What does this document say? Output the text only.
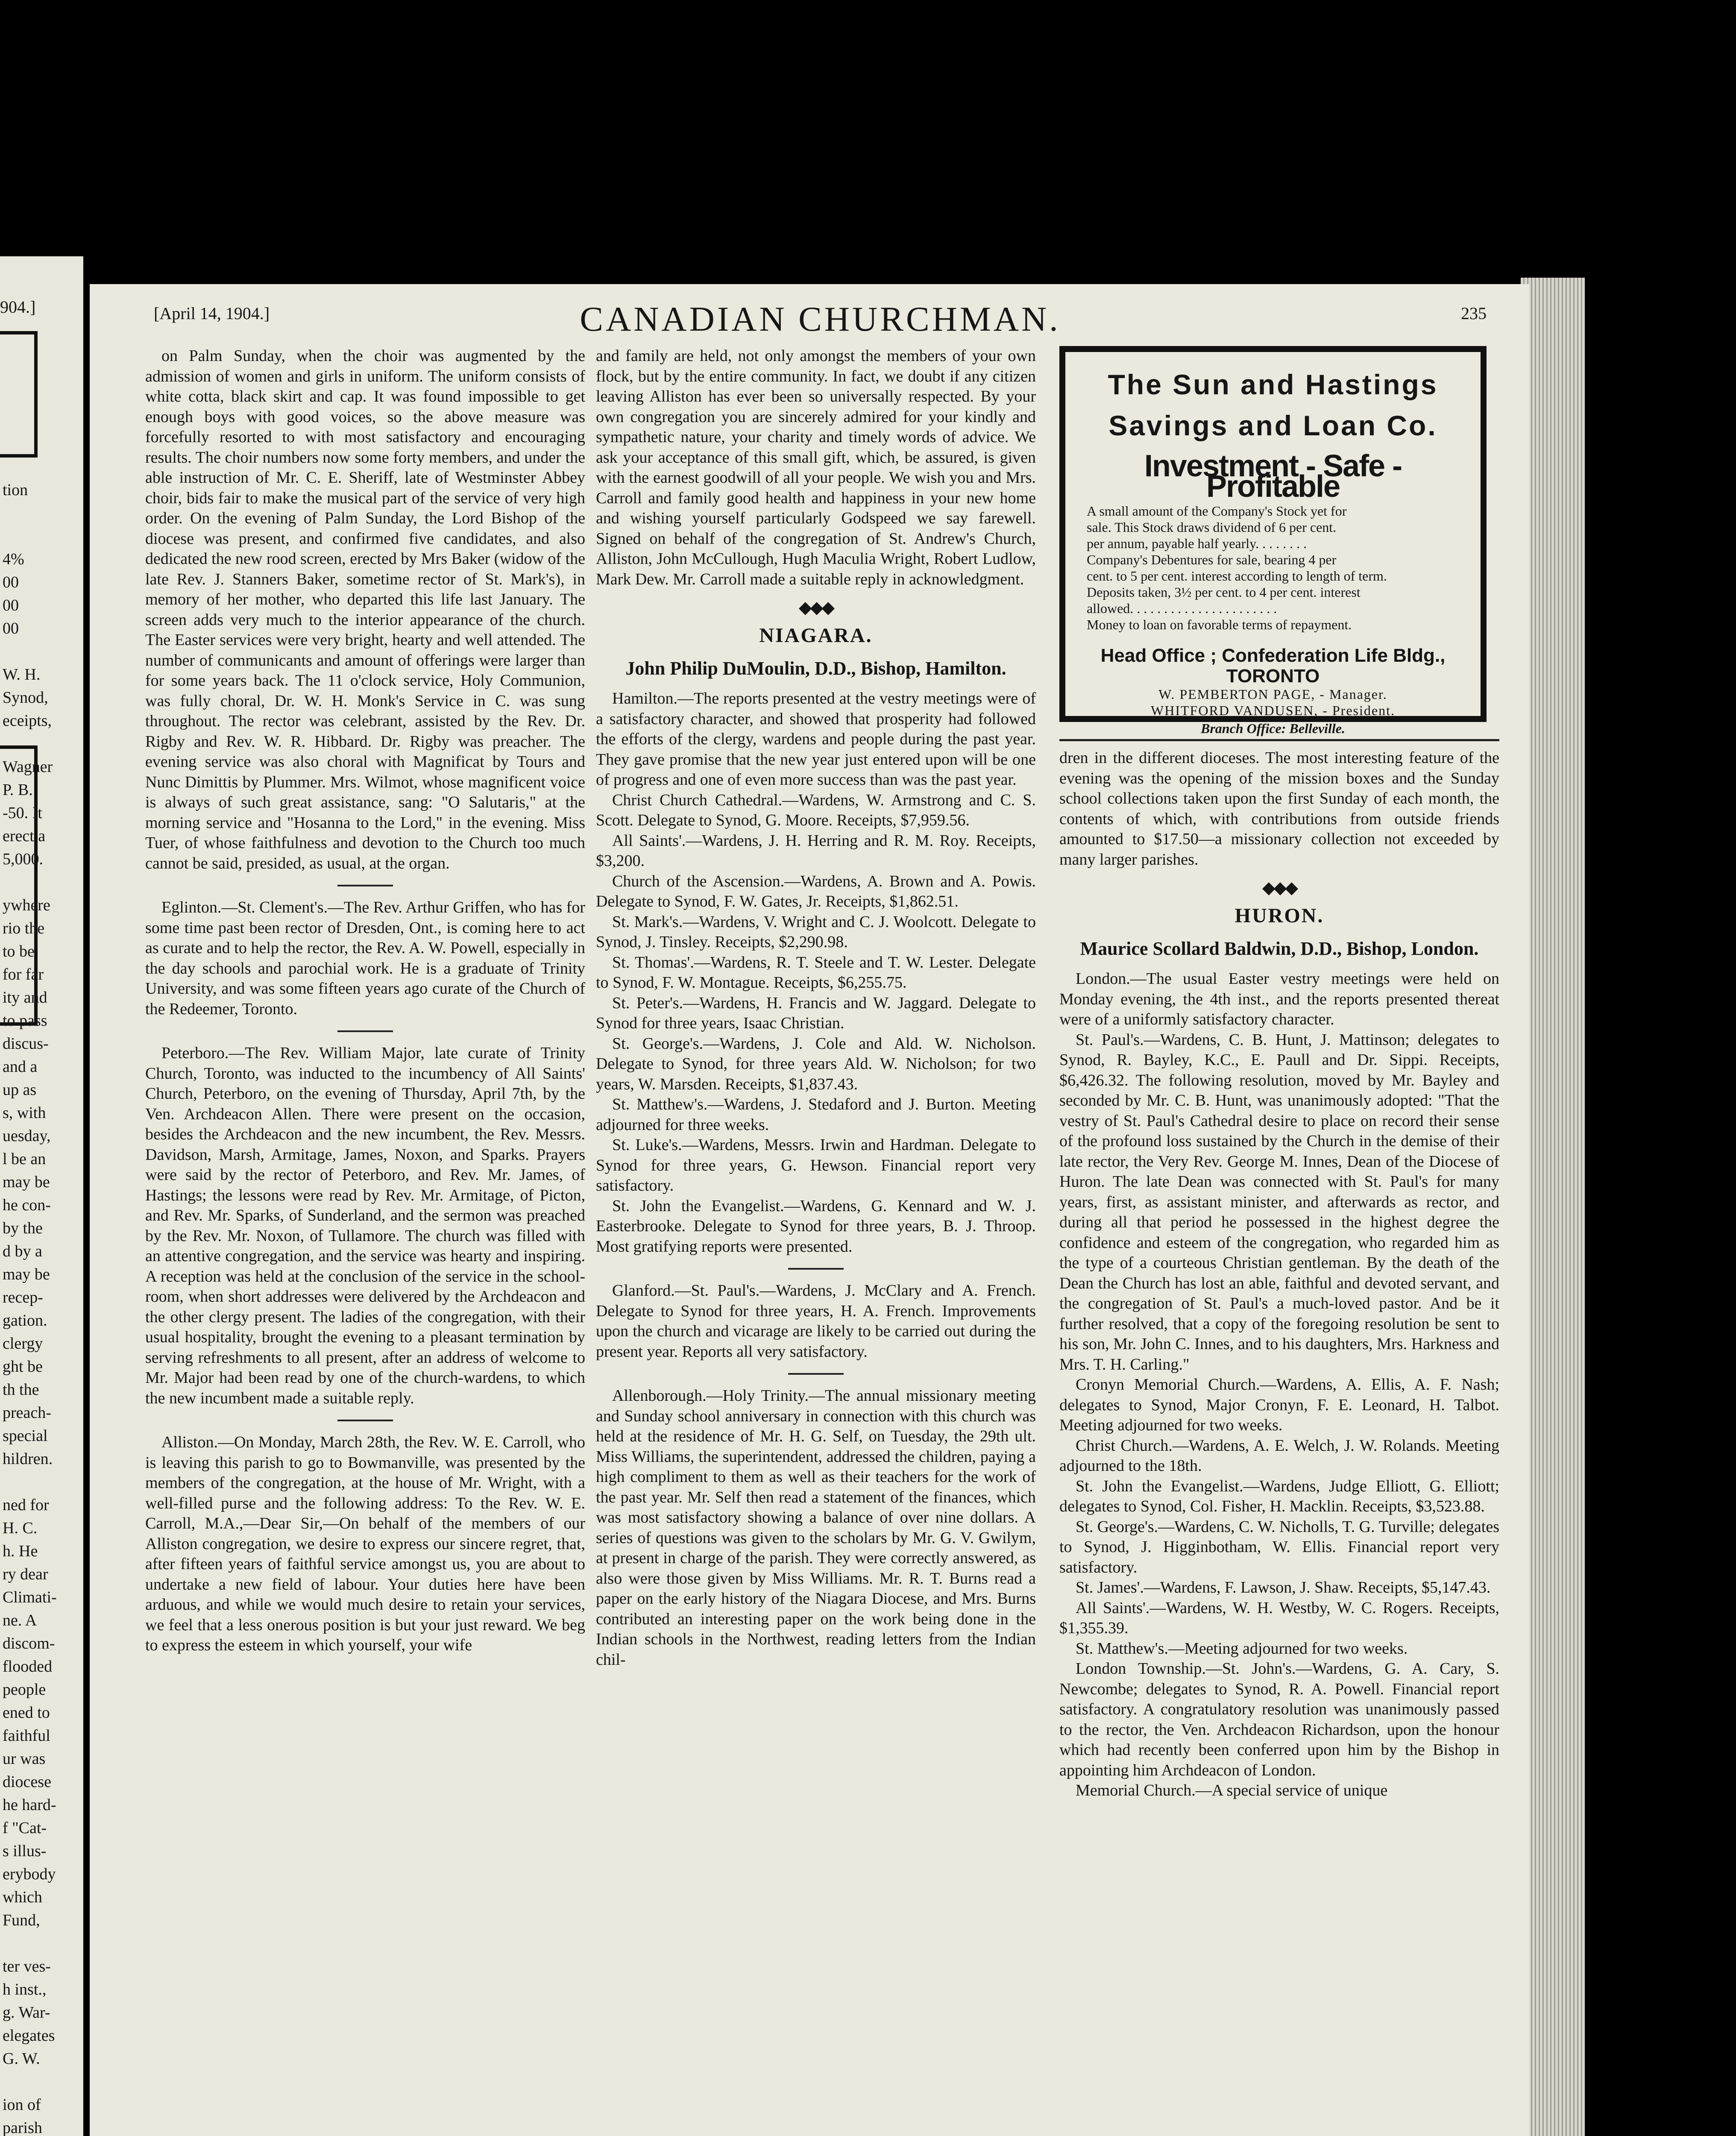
904.]
tion
4%
00
00
00
W. H.
Synod,
eceipts,
Wagner
P. B.
-50. It
erect a
5,000.
ywhere
rio the
to be
for far
ity and
to pass
discus-
and a
up as
s, with
uesday,
l be an
may be
he con-
by the
d by a
may be
recep-
gation.
clergy
ght be
th the
preach-
special
hildren.
ned for
H. C.
h. He
ry dear
Climati-
ne. A
discom-
flooded
people
ened to
faithful
ur was
diocese
he hard-
f "Cat-
s illus-
erybody
which
Fund,
ter ves-
h inst.,
g. War-
elegates
G. W.
ion of
parish
[April 14, 1904.]	CANADIAN CHURCHMAN.	235

on Palm Sunday, when the choir was augmented by the admission of women and girls in uniform. The uniform consists of white cotta, black skirt and cap. It was found impossible to get enough boys with good voices, so the above measure was forcefully resorted to with most satisfactory and encouraging results. The choir numbers now some forty members, and under the able instruction of Mr. C. E. Sheriff, late of Westminster Abbey choir, bids fair to make the musical part of the service of very high order. On the evening of Palm Sunday, the Lord Bishop of the diocese was present, and confirmed five candidates, and also dedicated the new rood screen, erected by Mrs Baker (widow of the late Rev. J. Stanners Baker, sometime rector of St. Mark's), in memory of her mother, who departed this life last January. The screen adds very much to the interior appearance of the church. The Easter services were very bright, hearty and well attended. The number of communicants and amount of offerings were larger than for some years back. The 11 o'clock service, Holy Communion, was fully choral, Dr. W. H. Monk's Service in C. was sung throughout. The rector was celebrant, assisted by the Rev. Dr. Rigby and Rev. W. R. Hibbard. Dr. Rigby was preacher. The evening service was also choral with Magnificat by Tours and Nunc Dimittis by Plummer. Mrs. Wilmot, whose magnificent voice is always of such great assistance, sang: "O Salutaris," at the morning service and "Hosanna to the Lord," in the evening. Miss Tuer, of whose faithfulness and devotion to the Church too much cannot be said, presided, as usual, at the organ.

Eglinton.—St. Clement's.—The Rev. Arthur Griffen, who has for some time past been rector of Dresden, Ont., is coming here to act as curate and to help the rector, the Rev. A. W. Powell, especially in the day schools and parochial work. He is a graduate of Trinity University, and was some fifteen years ago curate of the Church of the Redeemer, Toronto.

Peterboro.—The Rev. William Major, late curate of Trinity Church, Toronto, was inducted to the incumbency of All Saints' Church, Peterboro, on the evening of Thursday, April 7th, by the Ven. Archdeacon Allen. There were present on the occasion, besides the Archdeacon and the new incumbent, the Rev. Messrs. Davidson, Marsh, Armitage, James, Noxon, and Sparks. Prayers were said by the rector of Peterboro, and Rev. Mr. James, of Hastings; the lessons were read by Rev. Mr. Armitage, of Picton, and Rev. Mr. Sparks, of Sunderland, and the sermon was preached by the Rev. Mr. Noxon, of Tullamore. The church was filled with an attentive congregation, and the service was hearty and inspiring. A reception was held at the conclusion of the service in the school-room, when short addresses were delivered by the Archdeacon and the other clergy present. The ladies of the congregation, with their usual hospitality, brought the evening to a pleasant termination by serving refreshments to all present, after an address of welcome to Mr. Major had been read by one of the church-wardens, to which the new incumbent made a suitable reply.

Alliston.—On Monday, March 28th, the Rev. W. E. Carroll, who is leaving this parish to go to Bowmanville, was presented by the members of the congregation, at the house of Mr. Wright, with a well-filled purse and the following address: To the Rev. W. E. Carroll, M.A.,—Dear Sir,—On behalf of the members of our Alliston congregation, we desire to express our sincere regret, that, after fifteen years of faithful service amongst us, you are about to undertake a new field of labour. Your duties here have been arduous, and while we would much desire to retain your services, we feel that a less onerous position is but your just reward. We beg to express the esteem in which yourself, your wife

and family are held, not only amongst the members of your own flock, but by the entire community. In fact, we doubt if any citizen leaving Alliston has ever been so universally respected. By your own congregation you are sincerely admired for your kindly and sympathetic nature, your charity and timely words of advice. We ask your acceptance of this small gift, which, be assured, is given with the earnest goodwill of all your people. We wish you and Mrs. Carroll and family good health and happiness in your new home and wishing yourself particularly Godspeed we say farewell. Signed on behalf of the congregation of St. Andrew's Church, Alliston, John McCullough, Hugh Maculia Wright, Robert Ludlow, Mark Dew. Mr. Carroll made a suitable reply in acknowledgment.

◆◆◆
NIAGARA.
John Philip DuMoulin, D.D., Bishop, Hamilton.

Hamilton.—The reports presented at the vestry meetings were of a satisfactory character, and showed that prosperity had followed the efforts of the clergy, wardens and people during the past year. They gave promise that the new year just entered upon will be one of progress and one of even more success than was the past year.

Christ Church Cathedral.—Wardens, W. Armstrong and C. S. Scott. Delegate to Synod, G. Moore. Receipts, $7,959.56.

All Saints'.—Wardens, J. H. Herring and R. M. Roy. Receipts, $3,200.

Church of the Ascension.—Wardens, A. Brown and A. Powis. Delegate to Synod, F. W. Gates, Jr. Receipts, $1,862.51.

St. Mark's.—Wardens, V. Wright and C. J. Woolcott. Delegate to Synod, J. Tinsley. Receipts, $2,290.98.

St. Thomas'.—Wardens, R. T. Steele and T. W. Lester. Delegate to Synod, F. W. Montague. Receipts, $6,255.75.

St. Peter's.—Wardens, H. Francis and W. Jaggard. Delegate to Synod for three years, Isaac Christian.

St. George's.—Wardens, J. Cole and Ald. W. Nicholson. Delegate to Synod, for three years Ald. W. Nicholson; for two years, W. Marsden. Receipts, $1,837.43.

St. Matthew's.—Wardens, J. Stedaford and J. Burton. Meeting adjourned for three weeks.

St. Luke's.—Wardens, Messrs. Irwin and Hardman. Delegate to Synod for three years, G. Hewson. Financial report very satisfactory.

St. John the Evangelist.—Wardens, G. Kennard and W. J. Easterbrooke. Delegate to Synod for three years, B. J. Throop. Most gratifying reports were presented.

Glanford.—St. Paul's.—Wardens, J. McClary and A. French. Delegate to Synod for three years, H. A. French. Improvements upon the church and vicarage are likely to be carried out during the present year. Reports all very satisfactory.

Allenborough.—Holy Trinity.—The annual missionary meeting and Sunday school anniversary in connection with this church was held at the residence of Mr. H. G. Self, on Tuesday, the 29th ult. Miss Williams, the superintendent, addressed the children, paying a high compliment to them as well as their teachers for the work of the past year. Mr. Self then read a statement of the finances, which was most satisfactory showing a balance of over nine dollars. A series of questions was given to the scholars by Mr. G. V. Gwilym, at present in charge of the parish. They were correctly answered, as also were those given by Miss Williams. Mr. R. T. Burns read a paper on the early history of the Niagara Diocese, and Mrs. Burns contributed an interesting paper on the work being done in the Indian schools in the Northwest, reading letters from the Indian chil-

The Sun and Hastings
Savings and Loan Co.
Investment - Safe - Profitable
A small amount of the Company's Stock yet for
sale. This Stock draws dividend of 6 per cent.
per annum, payable half yearly. . . . . . . .
Company's Debentures for sale, bearing 4 per
cent. to 5 per cent. interest according to length of term.
Deposits taken, 3½ per cent. to 4 per cent. interest
allowed. . . . . . . . . . . . . . . . . . . . . .
Money to loan on favorable terms of repayment.
Head Office ; Confederation Life Bldg., TORONTO
W. PEMBERTON PAGE, - Manager.
WHITFORD VANDUSEN, - President.
Branch Office: Belleville.

dren in the different dioceses. The most interesting feature of the evening was the opening of the mission boxes and the Sunday school collections taken upon the first Sunday of each month, the contents of which, with contributions from outside friends amounted to $17.50—a missionary collection not exceeded by many larger parishes.

◆◆◆
HURON.
Maurice Scollard Baldwin, D.D., Bishop, London.

London.—The usual Easter vestry meetings were held on Monday evening, the 4th inst., and the reports presented thereat were of a uniformly satisfactory character.

St. Paul's.—Wardens, C. B. Hunt, J. Mattinson; delegates to Synod, R. Bayley, K.C., E. Paull and Dr. Sippi. Receipts, $6,426.32. The following resolution, moved by Mr. Bayley and seconded by Mr. C. B. Hunt, was unanimously adopted: "That the vestry of St. Paul's Cathedral desire to place on record their sense of the profound loss sustained by the Church in the demise of their late rector, the Very Rev. George M. Innes, Dean of the Diocese of Huron. The late Dean was connected with St. Paul's for many years, first, as assistant minister, and afterwards as rector, and during all that period he possessed in the highest degree the confidence and esteem of the congregation, who regarded him as the type of a courteous Christian gentleman. By the death of the Dean the Church has lost an able, faithful and devoted servant, and the congregation of St. Paul's a much-loved pastor. And be it further resolved, that a copy of the foregoing resolution be sent to his son, Mr. John C. Innes, and to his daughters, Mrs. Harkness and Mrs. T. H. Carling."

Cronyn Memorial Church.—Wardens, A. Ellis, A. F. Nash; delegates to Synod, Major Cronyn, F. E. Leonard, H. Talbot. Meeting adjourned for two weeks.

Christ Church.—Wardens, A. E. Welch, J. W. Rolands. Meeting adjourned to the 18th.

St. John the Evangelist.—Wardens, Judge Elliott, G. Elliott; delegates to Synod, Col. Fisher, H. Macklin. Receipts, $3,523.88.

St. George's.—Wardens, C. W. Nicholls, T. G. Turville; delegates to Synod, J. Higginbotham, W. Ellis. Financial report very satisfactory.

St. James'.—Wardens, F. Lawson, J. Shaw. Receipts, $5,147.43.

All Saints'.—Wardens, W. H. Westby, W. C. Rogers. Receipts, $1,355.39.

St. Matthew's.—Meeting adjourned for two weeks.

London Township.—St. John's.—Wardens, G. A. Cary, S. Newcombe; delegates to Synod, R. A. Powell. Financial report satisfactory. A congratulatory resolution was unanimously passed to the rector, the Ven. Archdeacon Richardson, upon the honour which had recently been conferred upon him by the Bishop in appointing him Archdeacon of London.

Memorial Church.—A special service of unique
